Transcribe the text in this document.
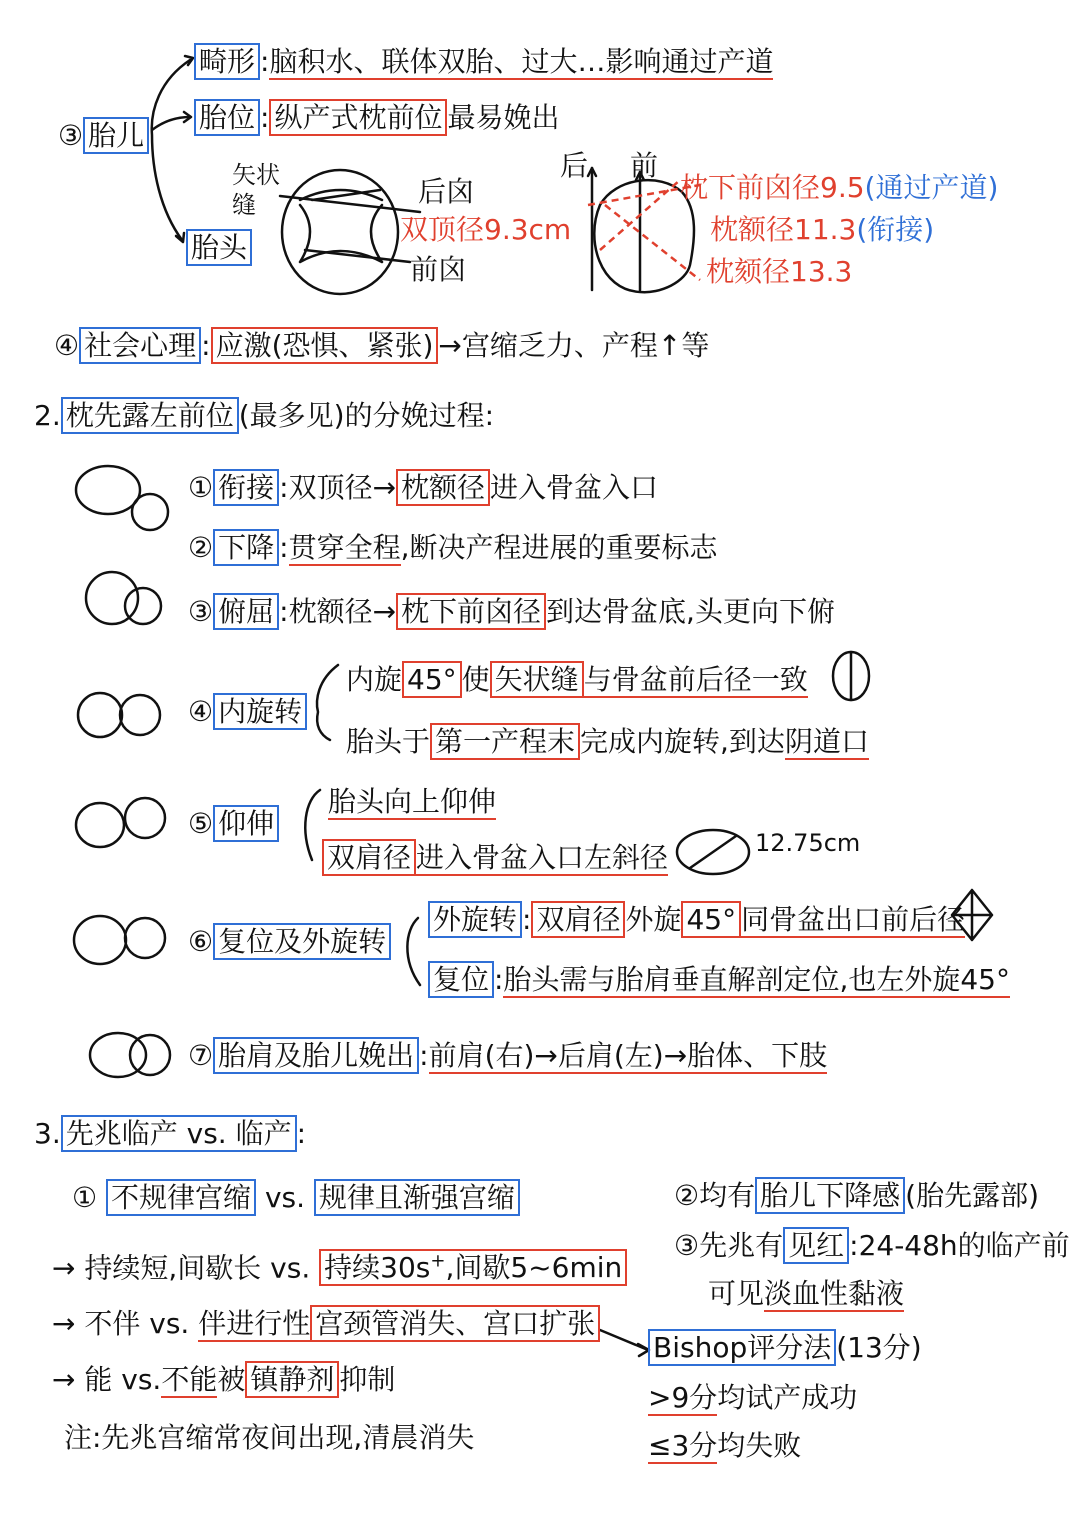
③ 胎儿
畸形 :脑积水、联体双胎、过大…影响通过产道
胎位 : 纵产式枕前位 最易娩出
胎头
矢状缝	后囟
双顶径9.3cm
前囟
后 前
枕下前囟径9.5(通过产道)
枕额径11.3(衔接)
枕颏径13.3
④ 社会心理 : 应激(恐惧、紧张) →宫缩乏力、产程↑等
2. 枕先露左前位 (最多见)的分娩过程:
① 衔接 :双顶径→ 枕额径 进入骨盆入口
② 下降 :贯穿全程,断决产程进展的重要标志
③ 俯屈 :枕额径→ 枕下前囟径 到达骨盆底,头更向下俯
④ 内旋转
内旋 45° 使 矢状缝 与骨盆前后径一致
胎头于 第一产程末 完成内旋转,到达阴道口
⑤ 仰伸
胎头向上仰伸
双肩径 进入骨盆入口左斜径	12.75cm
⑥ 复位及外旋转
外旋转 : 双肩径 外旋 45° 同骨盆出口前后径
复位 :胎头需与胎肩垂直解剖定位,也左外旋45°
⑦ 胎肩及胎儿娩出 :前肩(右)→后肩(左)→胎体、下肢
3. 先兆临产 vs. 临产 :
① 不规律宫缩 vs. 规律且渐强宫缩
→ 持续短,间歇长 vs. 持续30s+,间歇5~6min
→ 不伴 vs. 伴进行性 宫颈管消失、宫口扩张
→ 能 vs.不能被 镇静剂 抑制
注:先兆宫缩常夜间出现,清晨消失
②均有 胎儿下降感 (胎先露部)
③先兆有 见红 :24-48h的临产前
可见淡血性黏液
Bishop评分法 (13分)
>9分均试产成功
≤3分均失败
